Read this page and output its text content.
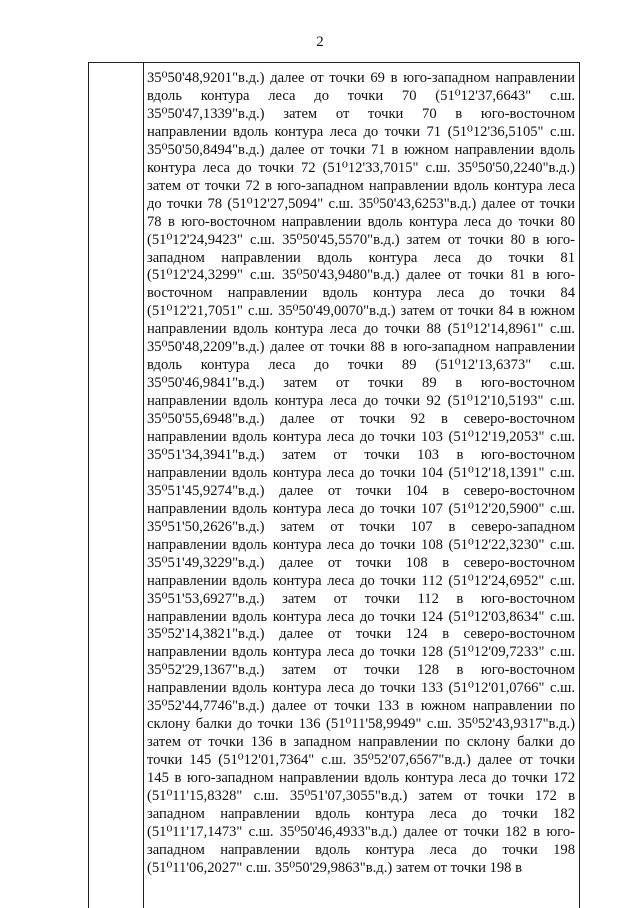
2
35⁰50'48,9201"в.д.) далее от точки 69 в юго-западном направлении
вдоль контура леса до точки 70 (51⁰12'37,6643" с.ш.
35⁰50'47,1339"в.д.) затем от точки 70 в юго-восточном
направлении вдоль контура леса до точки 71 (51⁰12'36,5105" с.ш.
35⁰50'50,8494"в.д.) далее от точки 71 в южном направлении вдоль
контура леса до точки 72 (51⁰12'33,7015" с.ш. 35⁰50'50,2240"в.д.)
затем от точки 72 в юго-западном направлении вдоль контура леса
до точки 78 (51⁰12'27,5094" с.ш. 35⁰50'43,6253"в.д.) далее от точки
78 в юго-восточном направлении вдоль контура леса до точки 80
(51⁰12'24,9423" с.ш. 35⁰50'45,5570"в.д.) затем от точки 80 в юго-
западном направлении вдоль контура леса до точки 81
(51⁰12'24,3299" с.ш. 35⁰50'43,9480"в.д.) далее от точки 81 в юго-
восточном направлении вдоль контура леса до точки 84
(51⁰12'21,7051" с.ш. 35⁰50'49,0070"в.д.) затем от точки 84 в южном
направлении вдоль контура леса до точки 88 (51⁰12'14,8961" с.ш.
35⁰50'48,2209"в.д.) далее от точки 88 в юго-западном направлении
вдоль контура леса до точки 89 (51⁰12'13,6373" с.ш.
35⁰50'46,9841"в.д.) затем от точки 89 в юго-восточном
направлении вдоль контура леса до точки 92 (51⁰12'10,5193" с.ш.
35⁰50'55,6948"в.д.) далее от точки 92 в северо-восточном
направлении вдоль контура леса до точки 103 (51⁰12'19,2053" с.ш.
35⁰51'34,3941"в.д.) затем от точки 103 в юго-восточном
направлении вдоль контура леса до точки 104 (51⁰12'18,1391" с.ш.
35⁰51'45,9274"в.д.) далее от точки 104 в северо-восточном
направлении вдоль контура леса до точки 107 (51⁰12'20,5900" с.ш.
35⁰51'50,2626"в.д.) затем от точки 107 в северо-западном
направлении вдоль контура леса до точки 108 (51⁰12'22,3230" с.ш.
35⁰51'49,3229"в.д.) далее от точки 108 в северо-восточном
направлении вдоль контура леса до точки 112 (51⁰12'24,6952" с.ш.
35⁰51'53,6927"в.д.) затем от точки 112 в юго-восточном
направлении вдоль контура леса до точки 124 (51⁰12'03,8634" с.ш.
35⁰52'14,3821"в.д.) далее от точки 124 в северо-восточном
направлении вдоль контура леса до точки 128 (51⁰12'09,7233" с.ш.
35⁰52'29,1367"в.д.) затем от точки 128 в юго-восточном
направлении вдоль контура леса до точки 133 (51⁰12'01,0766" с.ш.
35⁰52'44,7746"в.д.) далее от точки 133 в южном направлении по
склону балки до точки 136 (51⁰11'58,9949" с.ш. 35⁰52'43,9317"в.д.)
затем от точки 136 в западном направлении по склону балки до
точки 145 (51⁰12'01,7364" с.ш. 35⁰52'07,6567"в.д.) далее от точки
145 в юго-западном направлении вдоль контура леса до точки 172
(51⁰11'15,8328" с.ш. 35⁰51'07,3055"в.д.) затем от точки 172 в
западном направлении вдоль контура леса до точки 182
(51⁰11'17,1473" с.ш. 35⁰50'46,4933"в.д.) далее от точки 182 в юго-
западном направлении вдоль контура леса до точки 198
(51⁰11'06,2027" с.ш. 35⁰50'29,9863"в.д.) затем от точки 198 в
